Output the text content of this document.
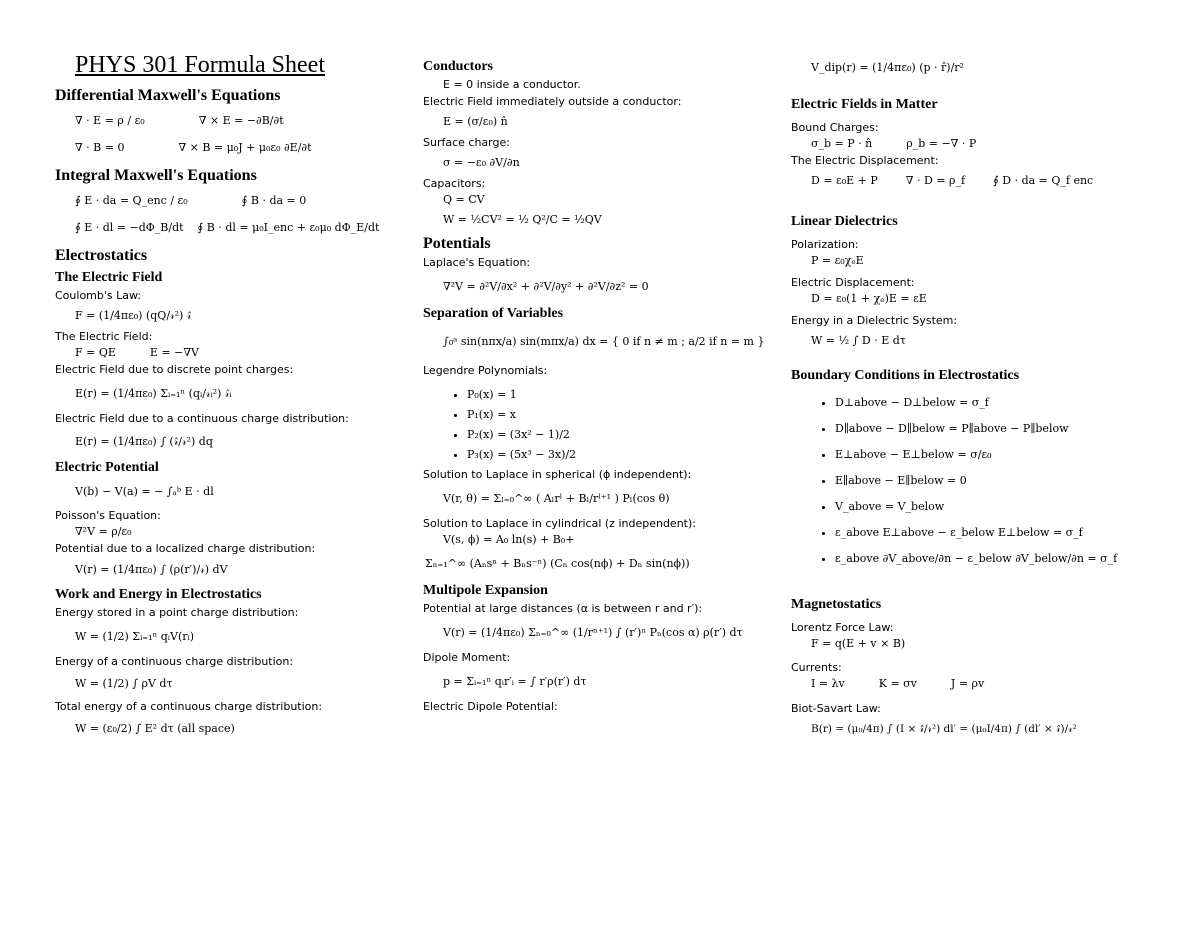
PHYS 301 Formula Sheet
Differential Maxwell's Equations
∇ · E = ρ / ε₀	∇ × E = −∂B/∂t
∇ · B = 0	∇ × B = μ₀J + μ₀ε₀ ∂E/∂t
Integral Maxwell's Equations
∮ E · da = Q_enc / ε₀	∮ B · da = 0
∮ E · dl = −dΦ_B/dt ∮ B · dl = μ₀I_enc + ε₀μ₀ dΦ_E/dt
Electrostatics
The Electric Field

Coulomb's Law:

F = (1/4πε₀) (qQ/𝓇²) 𝓇̂

The Electric Field:

F = QE	E = −∇V

Electric Field due to discrete point charges:

E(r) = (1/4πε₀) Σᵢ₌₁ⁿ (qᵢ/𝓇ᵢ²) 𝓇̂ᵢ

Electric Field due to a continuous charge distribution:

E(r) = (1/4πε₀) ∫ (𝓇̂/𝓇²) dq
Electric Potential
V(b) − V(a) = − ∫ₐᵇ E · dl

Poisson's Equation:

∇²V = ρ/ε₀

Potential due to a localized charge distribution:

V(r) = (1/4πε₀) ∫ (ρ(r′)/𝓇) dV
Work and Energy in Electrostatics

Energy stored in a point charge distribution:

W = (1/2) Σᵢ₌₁ⁿ qᵢV(rᵢ)

Energy of a continuous charge distribution:

W = (1/2) ∫ ρV dτ

Total energy of a continuous charge distribution:

W = (ε₀/2) ∫ E² dτ (all space)
Conductors
E = 0 inside a conductor.

Electric Field immediately outside a conductor:

E = (σ/ε₀) n̂

Surface charge:

σ = −ε₀ ∂V/∂n

Capacitors:

Q = CV
W = ½CV² = ½ Q²/C = ½QV
Potentials

Laplace's Equation:

∇²V = ∂²V/∂x² + ∂²V/∂y² + ∂²V/∂z² = 0
Separation of Variables
∫₀ᵃ sin(nπx/a) sin(mπx/a) dx = { 0 if n ≠ m ; a/2 if n = m }

Legendre Polynomials:

• P₀(x) = 1
• P₁(x) = x
• P₂(x) = (3x² − 1)/2
• P₃(x) = (5x³ − 3x)/2

Solution to Laplace in spherical (ϕ independent):

V(r, θ) = Σₗ₌₀^∞ ( Aₗrˡ + Bₗ/rˡ⁺¹ ) Pₗ(cos θ)

Solution to Laplace in cylindrical (z independent):

V(s, ϕ) = A₀ ln(s) + B₀+
Σₙ₌₁^∞ (Aₙsⁿ + Bₙs⁻ⁿ) (Cₙ cos(nϕ) + Dₙ sin(nϕ))
Multipole Expansion

Potential at large distances (α is between r and r′):

V(r) = (1/4πε₀) Σₙ₌₀^∞ (1/rⁿ⁺¹) ∫ (r′)ⁿ Pₙ(cos α) ρ(r′) dτ

Dipole Moment:

p = Σᵢ₌₁ⁿ qᵢr′ᵢ = ∫ r′ρ(r′) dτ

Electric Dipole Potential:

V_dip(r) = (1/4πε₀) (p · r̂)/r²
Electric Fields in Matter

Bound Charges:

σ_b = P · n̂	ρ_b = −∇ · P

The Electric Displacement:

D = ε₀E + P	∇ · D = ρ_f	∮ D · da = Q_f enc
Linear Dielectrics

Polarization:

P = ε₀χₑE

Electric Displacement:

D = ε₀(1 + χₑ)E = εE

Energy in a Dielectric System:

W = ½ ∫ D · E dτ
Boundary Conditions in Electrostatics
• D⊥above − D⊥below = σ_f
• D∥above − D∥below = P∥above − P∥below
• E⊥above − E⊥below = σ/ε₀
• E∥above − E∥below = 0
• V_above = V_below
• ε_above E⊥above − ε_below E⊥below = σ_f
• ε_above ∂V_above/∂n − ε_below ∂V_below/∂n = σ_f
Magnetostatics

Lorentz Force Law:

F = q(E + v × B)

Currents:

I = λv	K = σv	J = ρv

Biot-Savart Law:

B(r) = (μ₀/4π) ∫ (I × 𝓇̂/𝓇²) dl′ = (μ₀I/4π) ∫ (dl′ × 𝓇̂)/𝓇²
